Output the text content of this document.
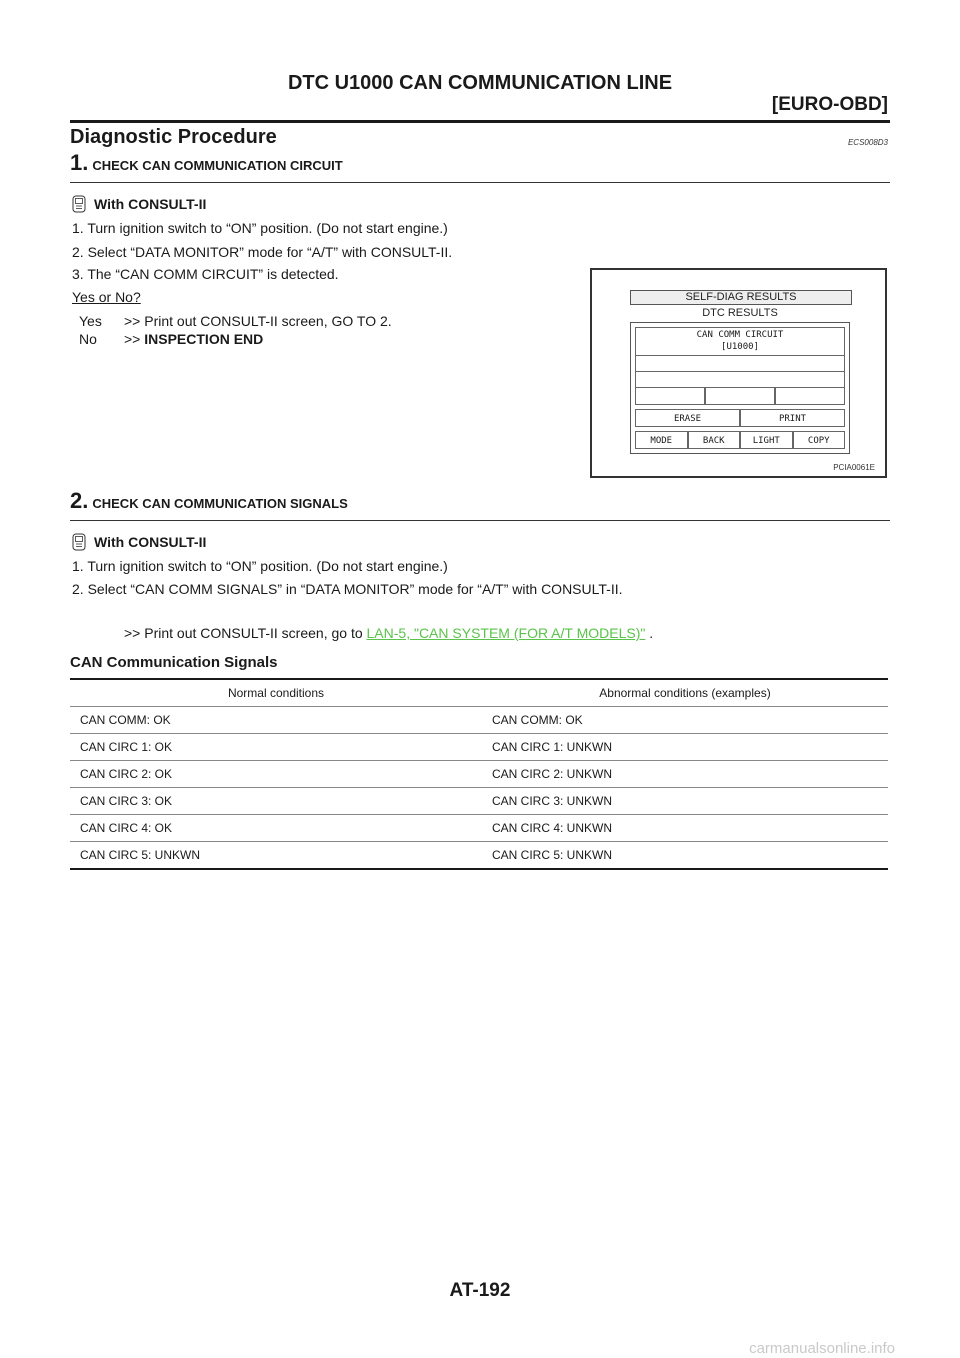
DTC U1000 CAN COMMUNICATION LINE
[EURO-OBD]
Diagnostic Procedure	ECS008D3
1. CHECK CAN COMMUNICATION CIRCUIT
With CONSULT-II
1. Turn ignition switch to “ON” position. (Do not start engine.)
2. Select “DATA MONITOR” mode for “A/T” with CONSULT-II.
3. The “CAN COMM CIRCUIT” is detected.
Yes or No?
Yes >> Print out CONSULT-II screen, GO TO 2.
No >> INSPECTION END
SELF-DIAG RESULTS
DTC RESULTS
CAN COMM CIRCUIT
[U1000]
ERASE	PRINT
MODE	BACK	LIGHT	COPY
PCIA0061E
2. CHECK CAN COMMUNICATION SIGNALS
With CONSULT-II
1. Turn ignition switch to “ON” position. (Do not start engine.)
2. Select “CAN COMM SIGNALS” in “DATA MONITOR” mode for “A/T” with CONSULT-II.
>> Print out CONSULT-II screen, go to LAN-5, "CAN SYSTEM (FOR A/T MODELS)" .
CAN Communication Signals
Normal conditions	Abnormal conditions (examples)
CAN COMM: OK	CAN COMM: OK
CAN CIRC 1: OK	CAN CIRC 1: UNKWN
CAN CIRC 2: OK	CAN CIRC 2: UNKWN
CAN CIRC 3: OK	CAN CIRC 3: UNKWN
CAN CIRC 4: OK	CAN CIRC 4: UNKWN
CAN CIRC 5: UNKWN	CAN CIRC 5: UNKWN
AT-192
carmanualsonline.info
